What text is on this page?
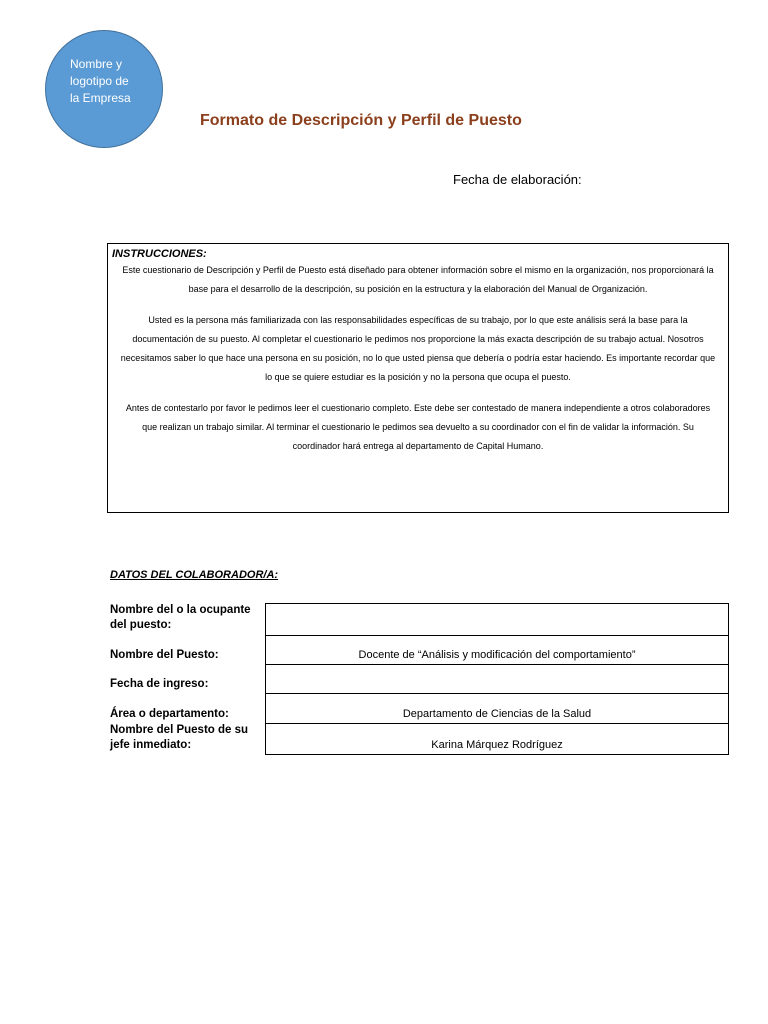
Nombre y
logotipo de
la Empresa
Formato de Descripción y Perfil de Puesto
Fecha de elaboración:
INSTRUCCIONES:

Este cuestionario de Descripción y Perfil de Puesto está diseñado para obtener información sobre el mismo en la organización, nos proporcionará la base para el desarrollo de la descripción, su posición en la estructura y la elaboración del Manual de Organización.

Usted es la persona más familiarizada con las responsabilidades específicas de su trabajo, por lo que este análisis será la base para la documentación de su puesto. Al completar el cuestionario le pedimos nos proporcione la más exacta descripción de su trabajo actual. Nosotros necesitamos saber lo que hace una persona en su posición, no lo que usted piensa que debería o podría estar haciendo. Es importante recordar que lo que se quiere estudiar es la posición y no la persona que ocupa el puesto.

Antes de contestarlo por favor le pedimos leer el cuestionario completo. Este debe ser contestado de manera independiente a otros colaboradores que realizan un trabajo similar. Al terminar el cuestionario le pedimos sea devuelto a su coordinador con el fin de validar la información. Su coordinador hará entrega al departamento de Capital Humano.

DATOS DEL COLABORADOR/A:
Nombre del o la ocupante del puesto:
Nombre del Puesto:	Docente de “Análisis y modificación del comportamiento”
Fecha de ingreso:
Área o departamento:	Departamento de Ciencias de la Salud
Nombre del Puesto de su jefe inmediato:	Karina Márquez Rodríguez
